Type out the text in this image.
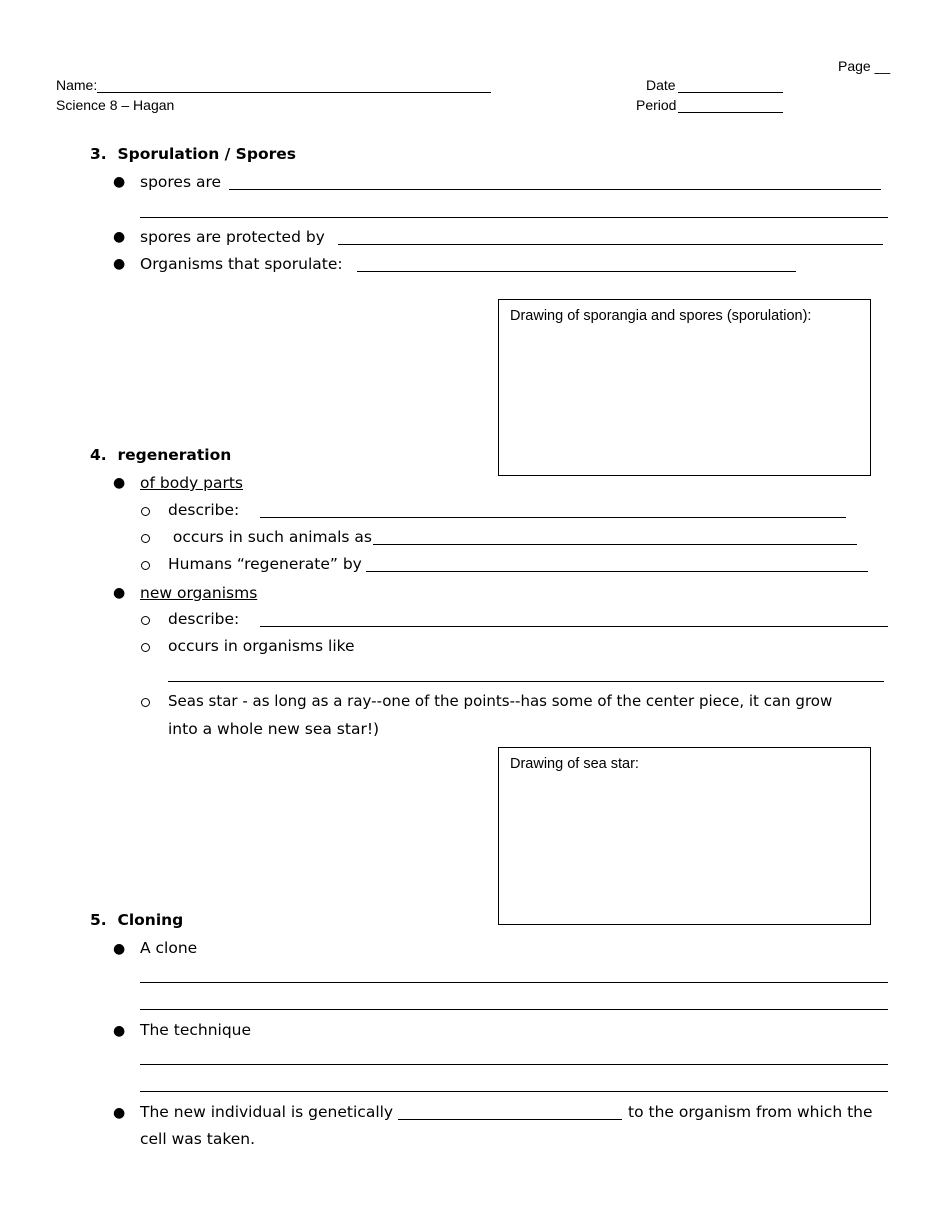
Page __
Name:	Date
Science 8 – Hagan	Period
3.  Sporulation / Spores
● spores are
● spores are protected by
● Organisms that sporulate:
Drawing of sporangia and spores (sporulation):
4.  regeneration
● of body parts
describe:
occurs in such animals as
Humans “regenerate” by
● new organisms
describe:
occurs in organisms like
Seas star - as long as a ray--one of the points--has some of the center piece, it can grow
into a whole new sea star!)
Drawing of sea star:
5.  Cloning
● A clone
● The technique
● The new individual is genetically	to the organism from which the
cell was taken.
